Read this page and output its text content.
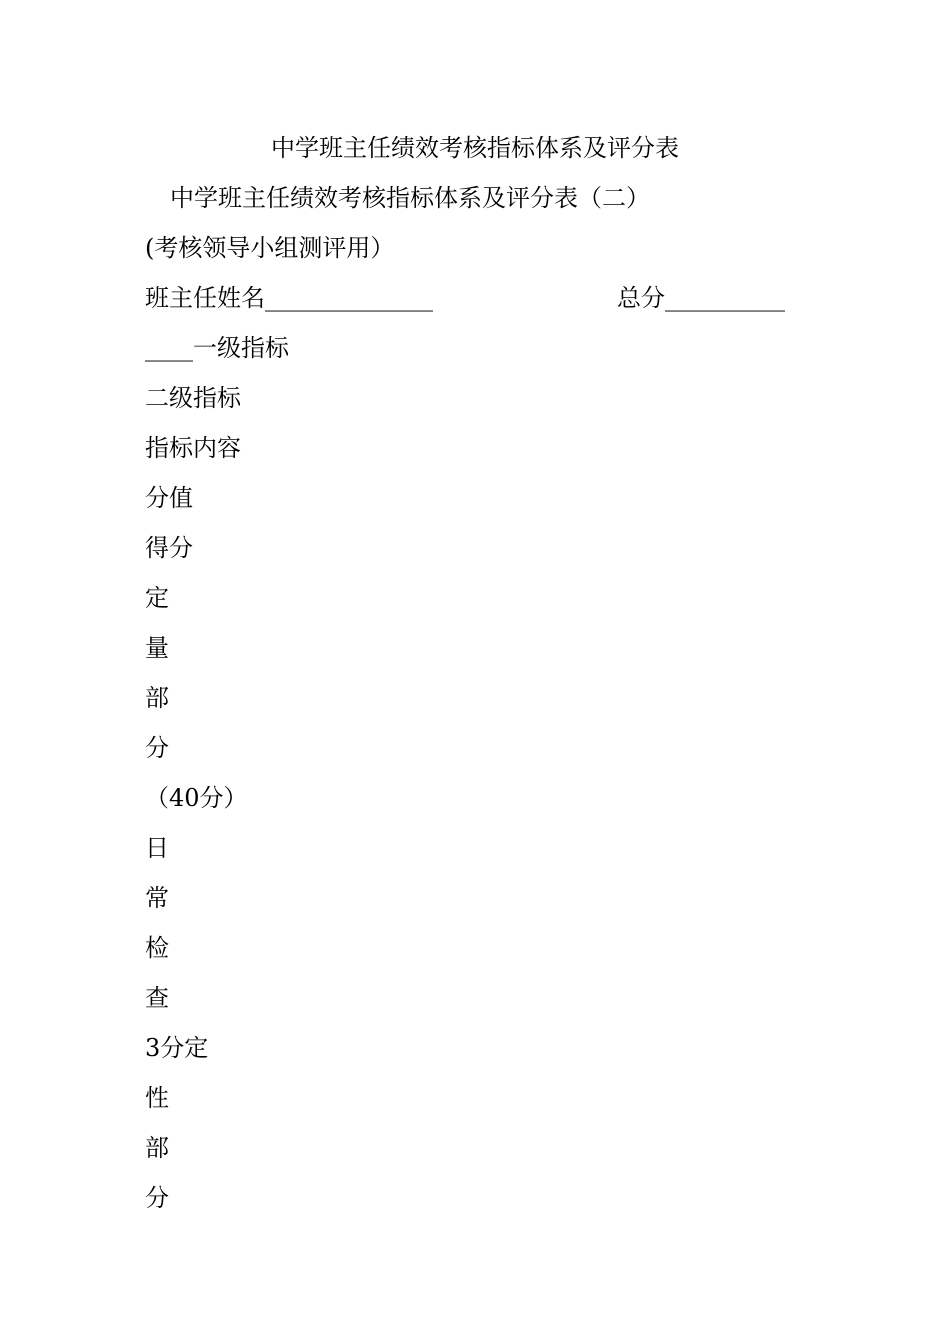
中学班主任绩效考核指标体系及评分表
中学班主任绩效考核指标体系及评分表（二）
(考核领导小组测评用）
班主任姓名______________	总分__________
____一级指标
二级指标
指标内容
分值
得分
定
量
部
分
（40分）
日
常
检
查
3分定
性
部
分
